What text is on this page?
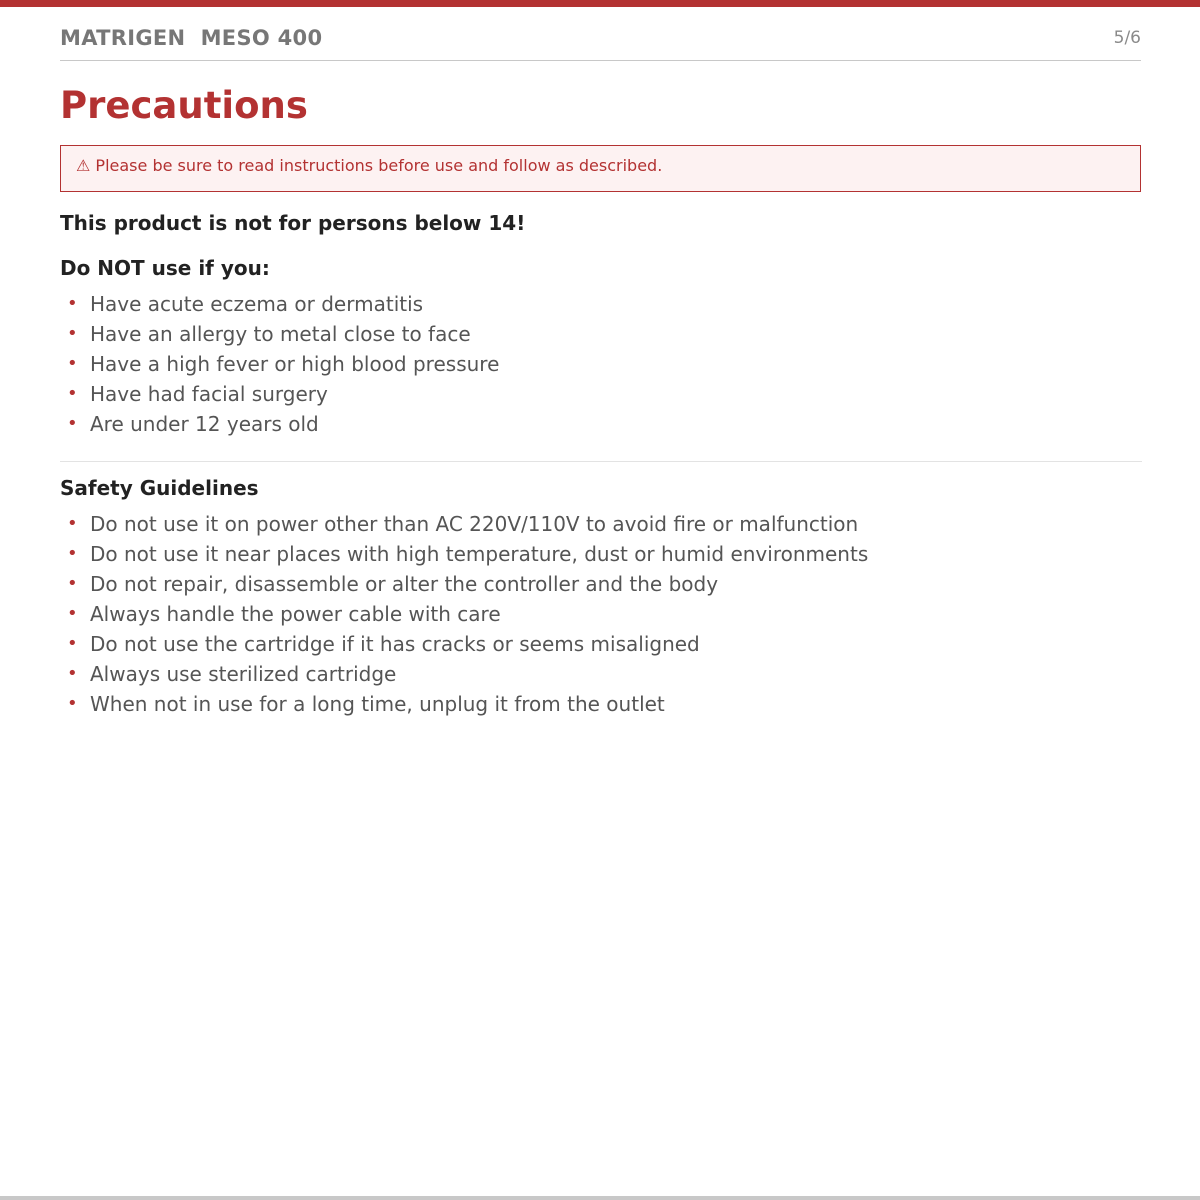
MATRIGEN  MESO 400	5/6
Precautions
⚠ Please be sure to read instructions before use and follow as described.
This product is not for persons below 14!
Do NOT use if you:
• Have acute eczema or dermatitis
• Have an allergy to metal close to face
• Have a high fever or high blood pressure
• Have had facial surgery
• Are under 12 years old
Safety Guidelines
• Do not use it on power other than AC 220V/110V to avoid fire or malfunction
• Do not use it near places with high temperature, dust or humid environments
• Do not repair, disassemble or alter the controller and the body
• Always handle the power cable with care
• Do not use the cartridge if it has cracks or seems misaligned
• Always use sterilized cartridge
• When not in use for a long time, unplug it from the outlet
